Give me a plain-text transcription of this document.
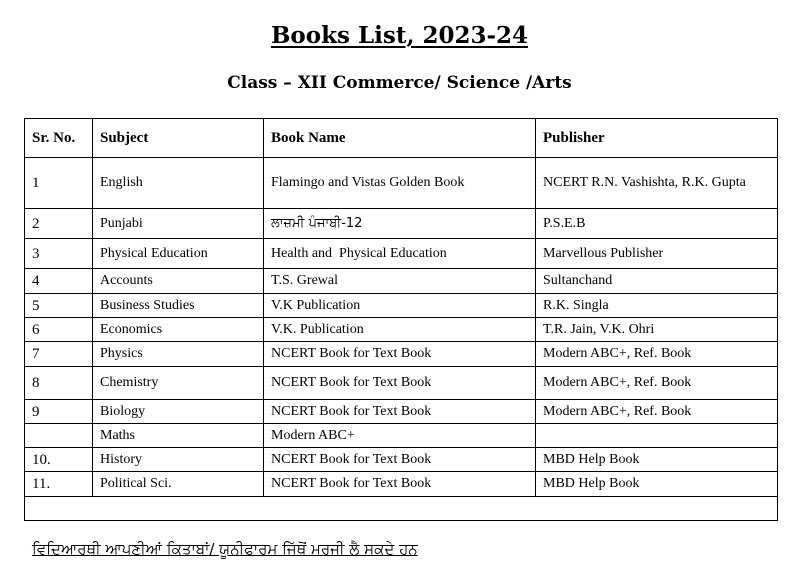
Books List, 2023-24
Class – XII Commerce/ Science /Arts
Sr. No.	Subject	Book Name	Publisher
1	English	Flamingo and Vistas Golden Book	NCERT R.N. Vashishta, R.K. Gupta
2	Punjabi	ਲਾਜ਼ਮੀ ਪੰਜਾਬੀ-12	P.S.E.B
3	Physical Education	Health and  Physical Education	Marvellous Publisher
4	Accounts	T.S. Grewal	Sultanchand
5	Business Studies	V.K Publication	R.K. Singla
6	Economics	V.K. Publication	T.R. Jain, V.K. Ohri
7	Physics	NCERT Book for Text Book	Modern ABC+, Ref. Book
8	Chemistry	NCERT Book for Text Book	Modern ABC+, Ref. Book
9	Biology	NCERT Book for Text Book	Modern ABC+, Ref. Book
	Maths	Modern ABC+	
10.	History	NCERT Book for Text Book	MBD Help Book
11.	Political Sci.	NCERT Book for Text Book	MBD Help Book

ਵਿਦਿਆਰਥੀ ਆਪਣੀਆਂ ਕਿਤਾਬਾਂ/ ਯੂਨੀਫਾਰਮ ਜਿੱਥੋਂ ਮਰਜੀ ਲੈ ਸਕਦੇ ਹਨ
